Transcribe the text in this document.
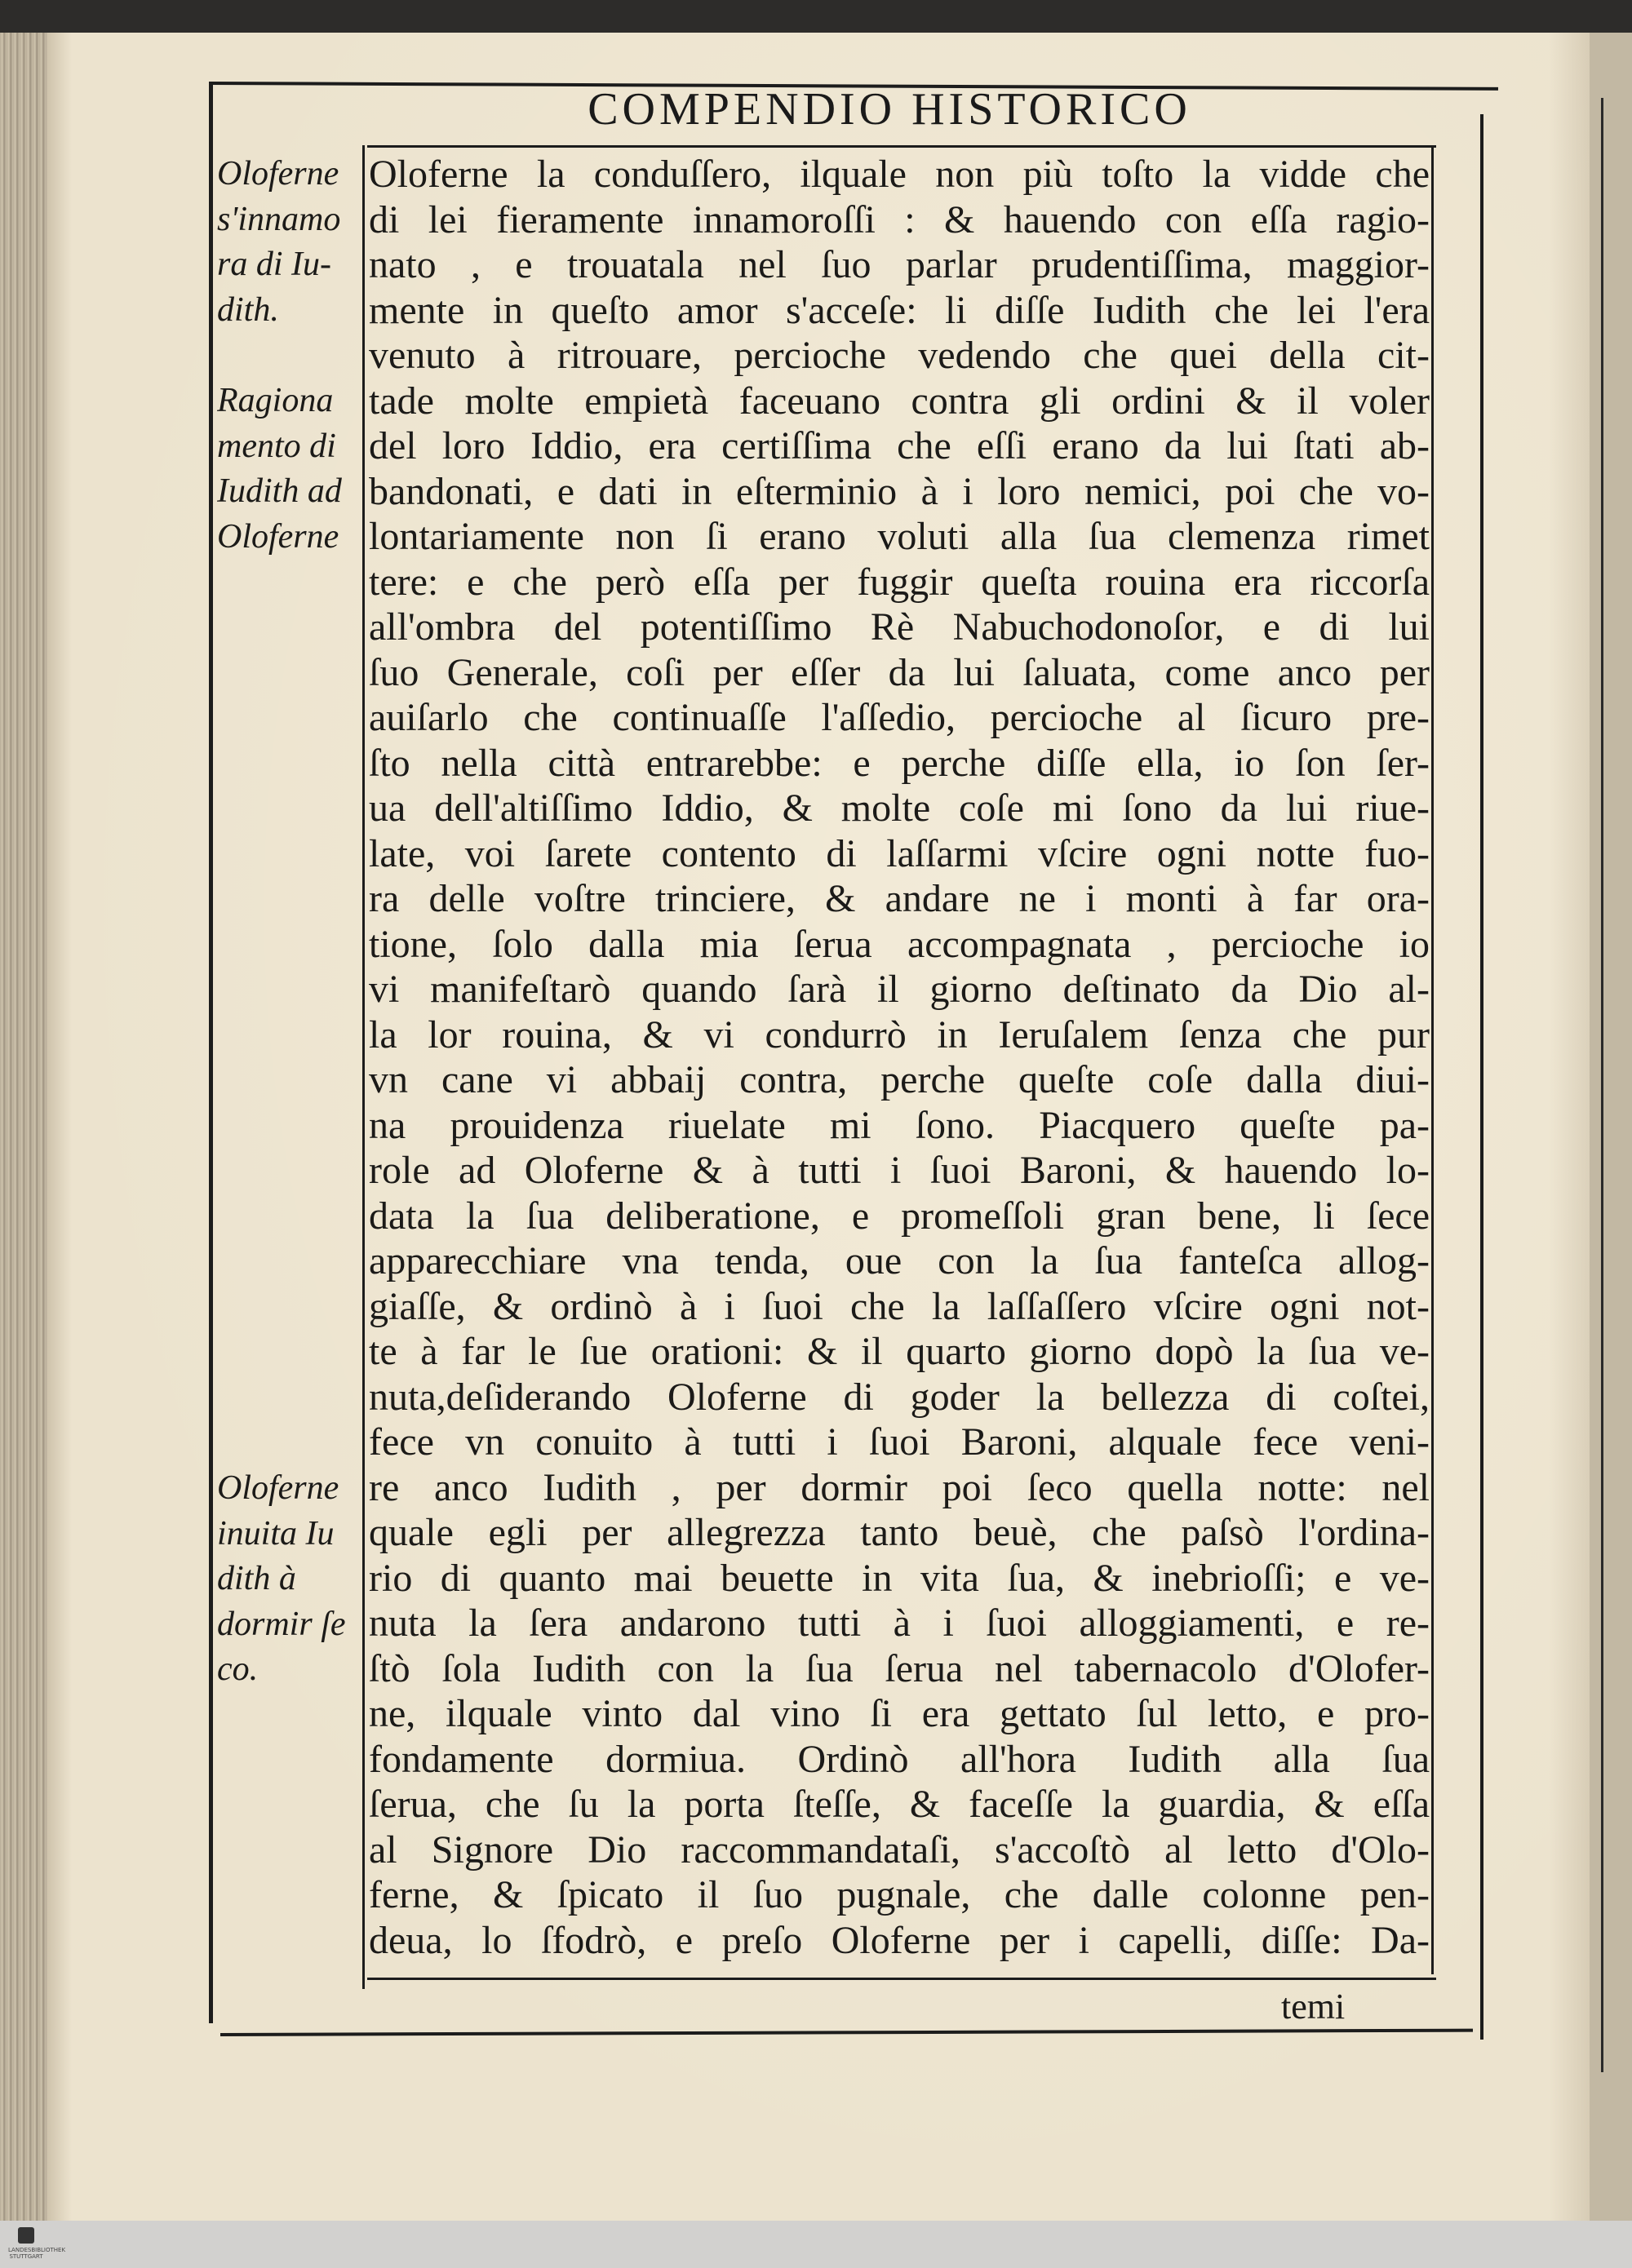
COMPENDIO HISTORICO
Oloferne
s'innamo
ra di Iu-
dith.
Ragiona
mento di
Iudith ad
Oloferne
Oloferne
inuita Iu
dith à
dormir ſe
co.
Oloferne la conduſſero, ilquale non più toſto la vidde che
di lei fieramente innamoroſſi : & hauendo con eſſa ragio-
nato , e trouatala nel ſuo parlar prudentiſſima, maggior-
mente in queſto amor s'acceſe: li diſſe Iudith che lei l'era
venuto à ritrouare, percioche vedendo che quei della cit-
tade molte empietà faceuano contra gli ordini & il voler
del loro Iddio, era certiſſima che eſſi erano da lui ſtati ab-
bandonati, e dati in eſterminio à i loro nemici, poi che vo-
lontariamente non ſi erano voluti alla ſua clemenza rimet
tere: e che però eſſa per fuggir queſta rouina era riccorſa
all'ombra del potentiſſimo Rè Nabuchodonoſor, e di lui
ſuo Generale, coſi per eſſer da lui ſaluata, come anco per
auiſarlo che continuaſſe l'aſſedio, percioche al ſicuro pre-
ſto nella città entrarebbe: e perche diſſe ella, io ſon ſer-
ua dell'altiſſimo Iddio, & molte coſe mi ſono da lui riue-
late, voi ſarete contento di laſſarmi vſcire ogni notte fuo-
ra delle voſtre trinciere, & andare ne i monti à far ora-
tione, ſolo dalla mia ſerua accompagnata , percioche io
vi manifeſtarò quando ſarà il giorno deſtinato da Dio al-
la lor rouina, & vi condurrò in Ieruſalem ſenza che pur
vn cane vi abbaij contra, perche queſte coſe dalla diui-
na prouidenza riuelate mi ſono. Piacquero queſte pa-
role ad Oloferne & à tutti i ſuoi Baroni, & hauendo lo-
data la ſua deliberatione, e promeſſoli gran bene, li ſece
apparecchiare vna tenda, oue con la ſua fanteſca allog-
giaſſe, & ordinò à i ſuoi che la laſſaſſero vſcire ogni not-
te à far le ſue orationi: & il quarto giorno dopò la ſua ve-
nuta,deſiderando Oloferne di goder la bellezza di coſtei,
fece vn conuito à tutti i ſuoi Baroni, alquale fece veni-
re anco Iudith , per dormir poi ſeco quella notte: nel
quale egli per allegrezza tanto beuè, che paſsò l'ordina-
rio di quanto mai beuette in vita ſua, & inebrioſſi; e ve-
nuta la ſera andarono tutti à i ſuoi alloggiamenti, e re-
ſtò ſola Iudith con la ſua ſerua nel tabernacolo d'Olofer-
ne, ilquale vinto dal vino ſi era gettato ſul letto, e pro-
fondamente dormiua. Ordinò all'hora Iudith alla ſua
ſerua, che ſu la porta ſteſſe, & faceſſe la guardia, & eſſa
al Signore Dio raccommandataſi, s'accoſtò al letto d'Olo-
ferne, & ſpicato il ſuo pugnale, che dalle colonne pen-
deua, lo ſfodrò, e preſo Oloferne per i capelli, diſſe: Da-
temi
LANDESBIBLIOTHEK STUTTGART
